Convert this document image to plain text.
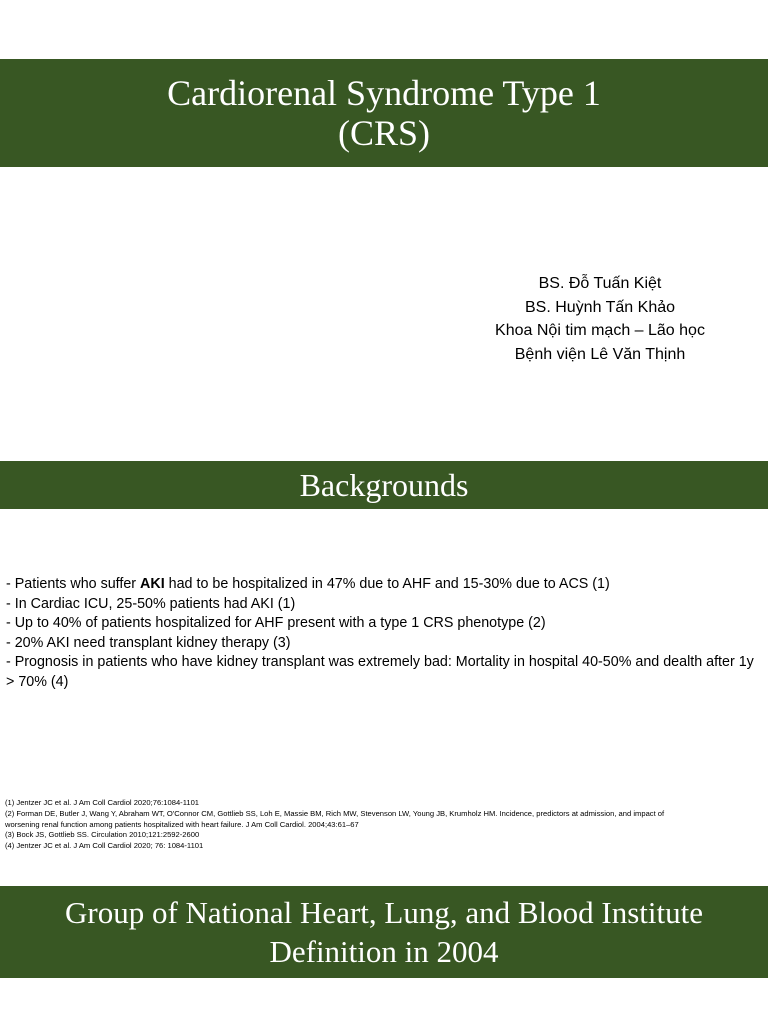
Cardiorenal Syndrome Type 1
(CRS)
BS. Đỗ Tuấn Kiệt
BS. Huỳnh Tấn Khảo
Khoa Nội tim mạch – Lão học
Bệnh viện Lê Văn Thịnh
Backgrounds
- Patients who suffer AKI had to be hospitalized in 47% due to AHF and 15-30% due to ACS (1)
- In Cardiac ICU, 25-50% patients had AKI (1)
- Up to 40% of patients hospitalized for AHF present with a type 1 CRS phenotype (2)
- 20% AKI need transplant kidney therapy (3)
- Prognosis in patients who have kidney transplant was extremely bad: Mortality in hospital 40-50% and dealth after 1y > 70% (4)
(1) Jentzer JC et al. J Am Coll Cardiol 2020;76:1084-1101
(2) Forman DE, Butler J, Wang Y, Abraham WT, O'Connor CM, Gottlieb SS, Loh E, Massie BM, Rich MW, Stevenson LW, Young JB, Krumholz HM. Incidence, predictors at admission, and impact of
worsening renal function among patients hospitalized with heart failure. J Am Coll Cardiol. 2004;43:61–67
(3) Bock JS, Gottlieb SS. Circulation 2010;121:2592-2600
(4) Jentzer JC et al. J Am Coll Cardiol 2020; 76: 1084-1101
Group of National Heart, Lung, and Blood Institute
Definition in 2004
